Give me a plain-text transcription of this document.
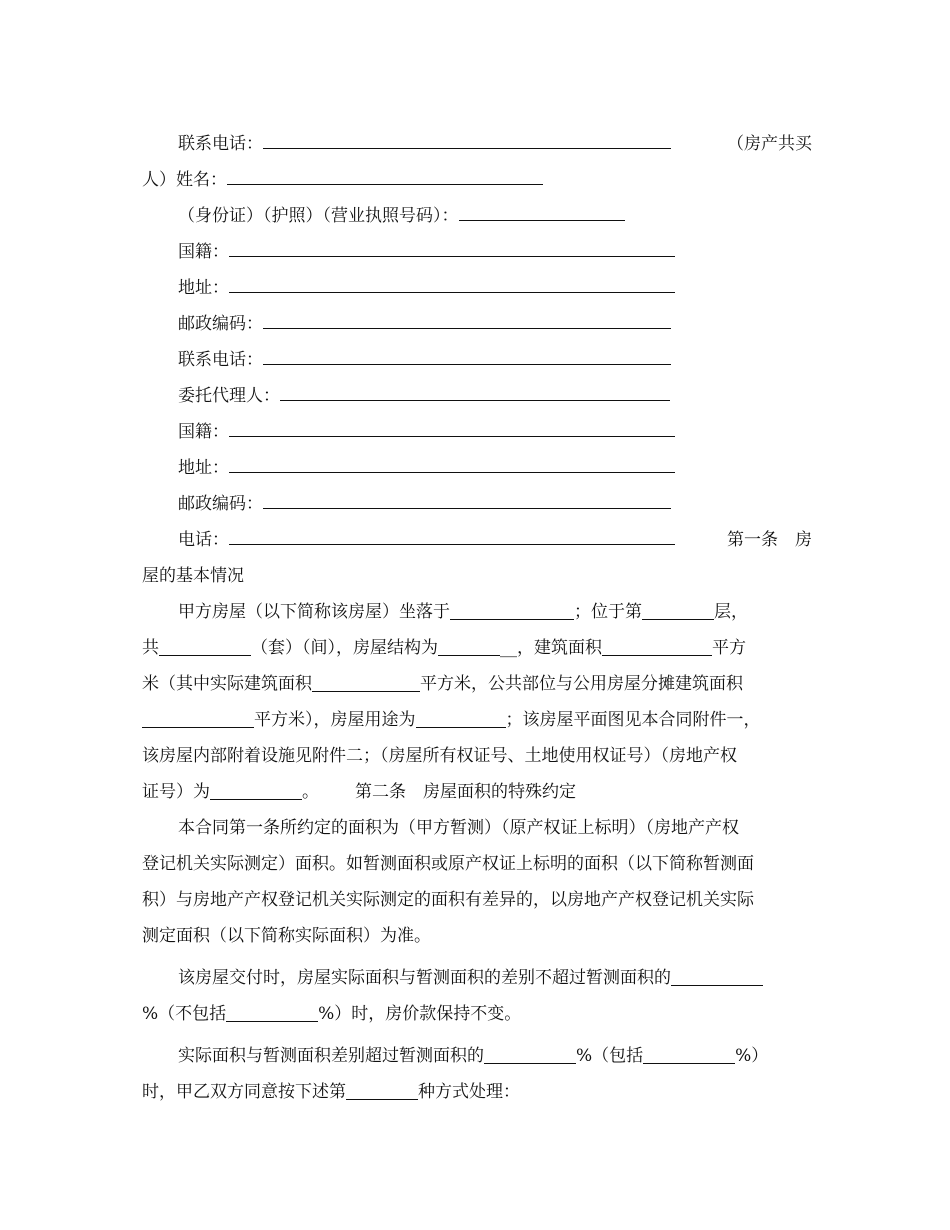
联系电话：	（房产共买
人）姓名：
（身份证）（护照）（营业执照号码）：
国籍：
地址：
邮政编码：
联系电话：
委托代理人：
国籍：
地址：
邮政编码：
电话：	第一条　房
屋的基本情况
甲方房屋（以下简称该房屋）坐落于	；位于第	层，
共	（套）（间），房屋结构为	__，建筑面积	平方
米（其中实际建筑面积	平方米，公共部位与公用房屋分摊建筑面积
平方米），房屋用途为	；该房屋平面图见本合同附件一，
该房屋内部附着设施见附件二；（房屋所有权证号、土地使用权证号）（房地产权
证号）为	。 第二条　房屋面积的特殊约定
本合同第一条所约定的面积为（甲方暂测）（原产权证上标明）（房地产产权
登记机关实际测定）面积。如暂测面积或原产权证上标明的面积（以下简称暂测面
积）与房地产产权登记机关实际测定的面积有差异的，以房地产产权登记机关实际
测定面积（以下简称实际面积）为准。
该房屋交付时，房屋实际面积与暂测面积的差别不超过暂测面积的
%（不包括	%）时，房价款保持不变。
实际面积与暂测面积差别超过暂测面积的	%（包括	%）
时，甲乙双方同意按下述第	种方式处理：
